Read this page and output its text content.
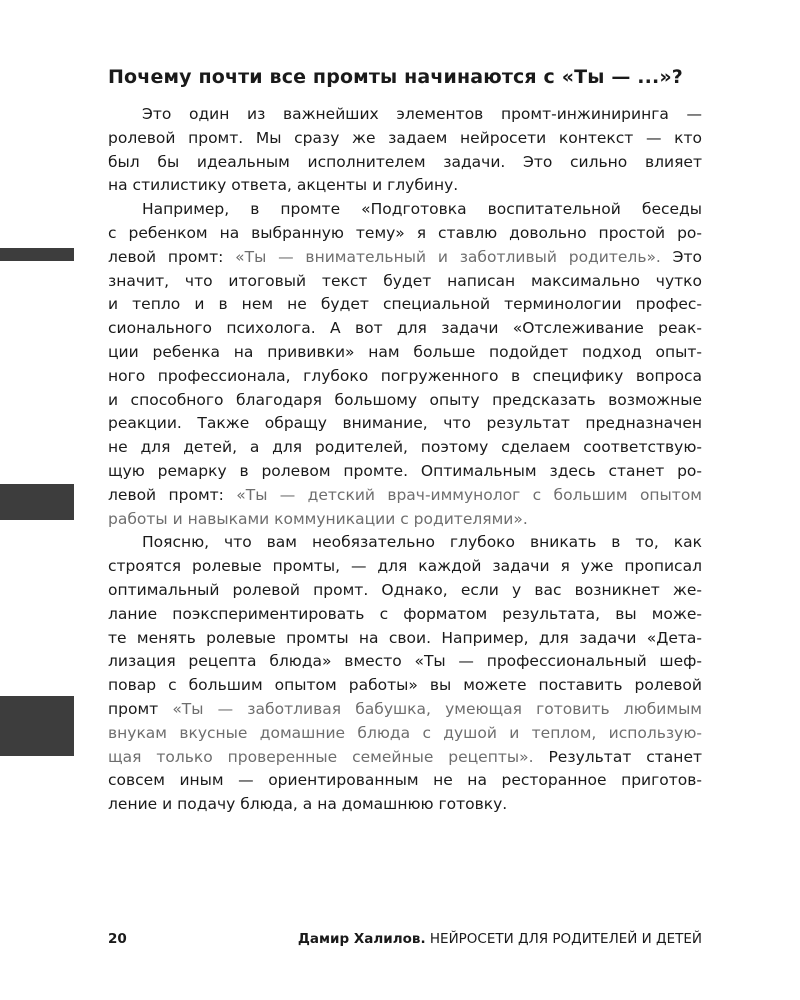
Почему почти все промты начинаются с «Ты — ...»?

Это один из важнейших элементов промт-инжиниринга —
ролевой промт. Мы сразу же задаем нейросети контекст — кто
был бы идеальным исполнителем задачи. Это сильно влияет
на стилистику ответа, акценты и глубину.

Например, в промте «Подготовка воспитательной беседы
с ребенком на выбранную тему» я ставлю довольно простой ро-
левой промт: «Ты — внимательный и заботливый родитель». Это
значит, что итоговый текст будет написан максимально чутко
и тепло и в нем не будет специальной терминологии профес-
сионального психолога. А вот для задачи «Отслеживание реак-
ции ребенка на прививки» нам больше подойдет подход опыт-
ного профессионала, глубоко погруженного в специфику вопроса
и способного благодаря большому опыту предсказать возможные
реакции. Также обращу внимание, что результат предназначен
не для детей, а для родителей, поэтому сделаем соответствую-
щую ремарку в ролевом промте. Оптимальным здесь станет ро-
левой промт: «Ты — детский врач-иммунолог с большим опытом
работы и навыками коммуникации с родителями».

Поясню, что вам необязательно глубоко вникать в то, как
строятся ролевые промты, — для каждой задачи я уже прописал
оптимальный ролевой промт. Однако, если у вас возникнет же-
лание поэкспериментировать с форматом результата, вы може-
те менять ролевые промты на свои. Например, для задачи «Дета-
лизация рецепта блюда» вместо «Ты — профессиональный шеф-
повар с большим опытом работы» вы можете поставить ролевой
промт «Ты — заботливая бабушка, умеющая готовить любимым
внукам вкусные домашние блюда с душой и теплом, использую-
щая только проверенные семейные рецепты». Результат станет
совсем иным — ориентированным не на ресторанное приготов-
ление и подачу блюда, а на домашнюю готовку.

20	Дамир Халилов. НЕЙРОСЕТИ ДЛЯ РОДИТЕЛЕЙ И ДЕТЕЙ
